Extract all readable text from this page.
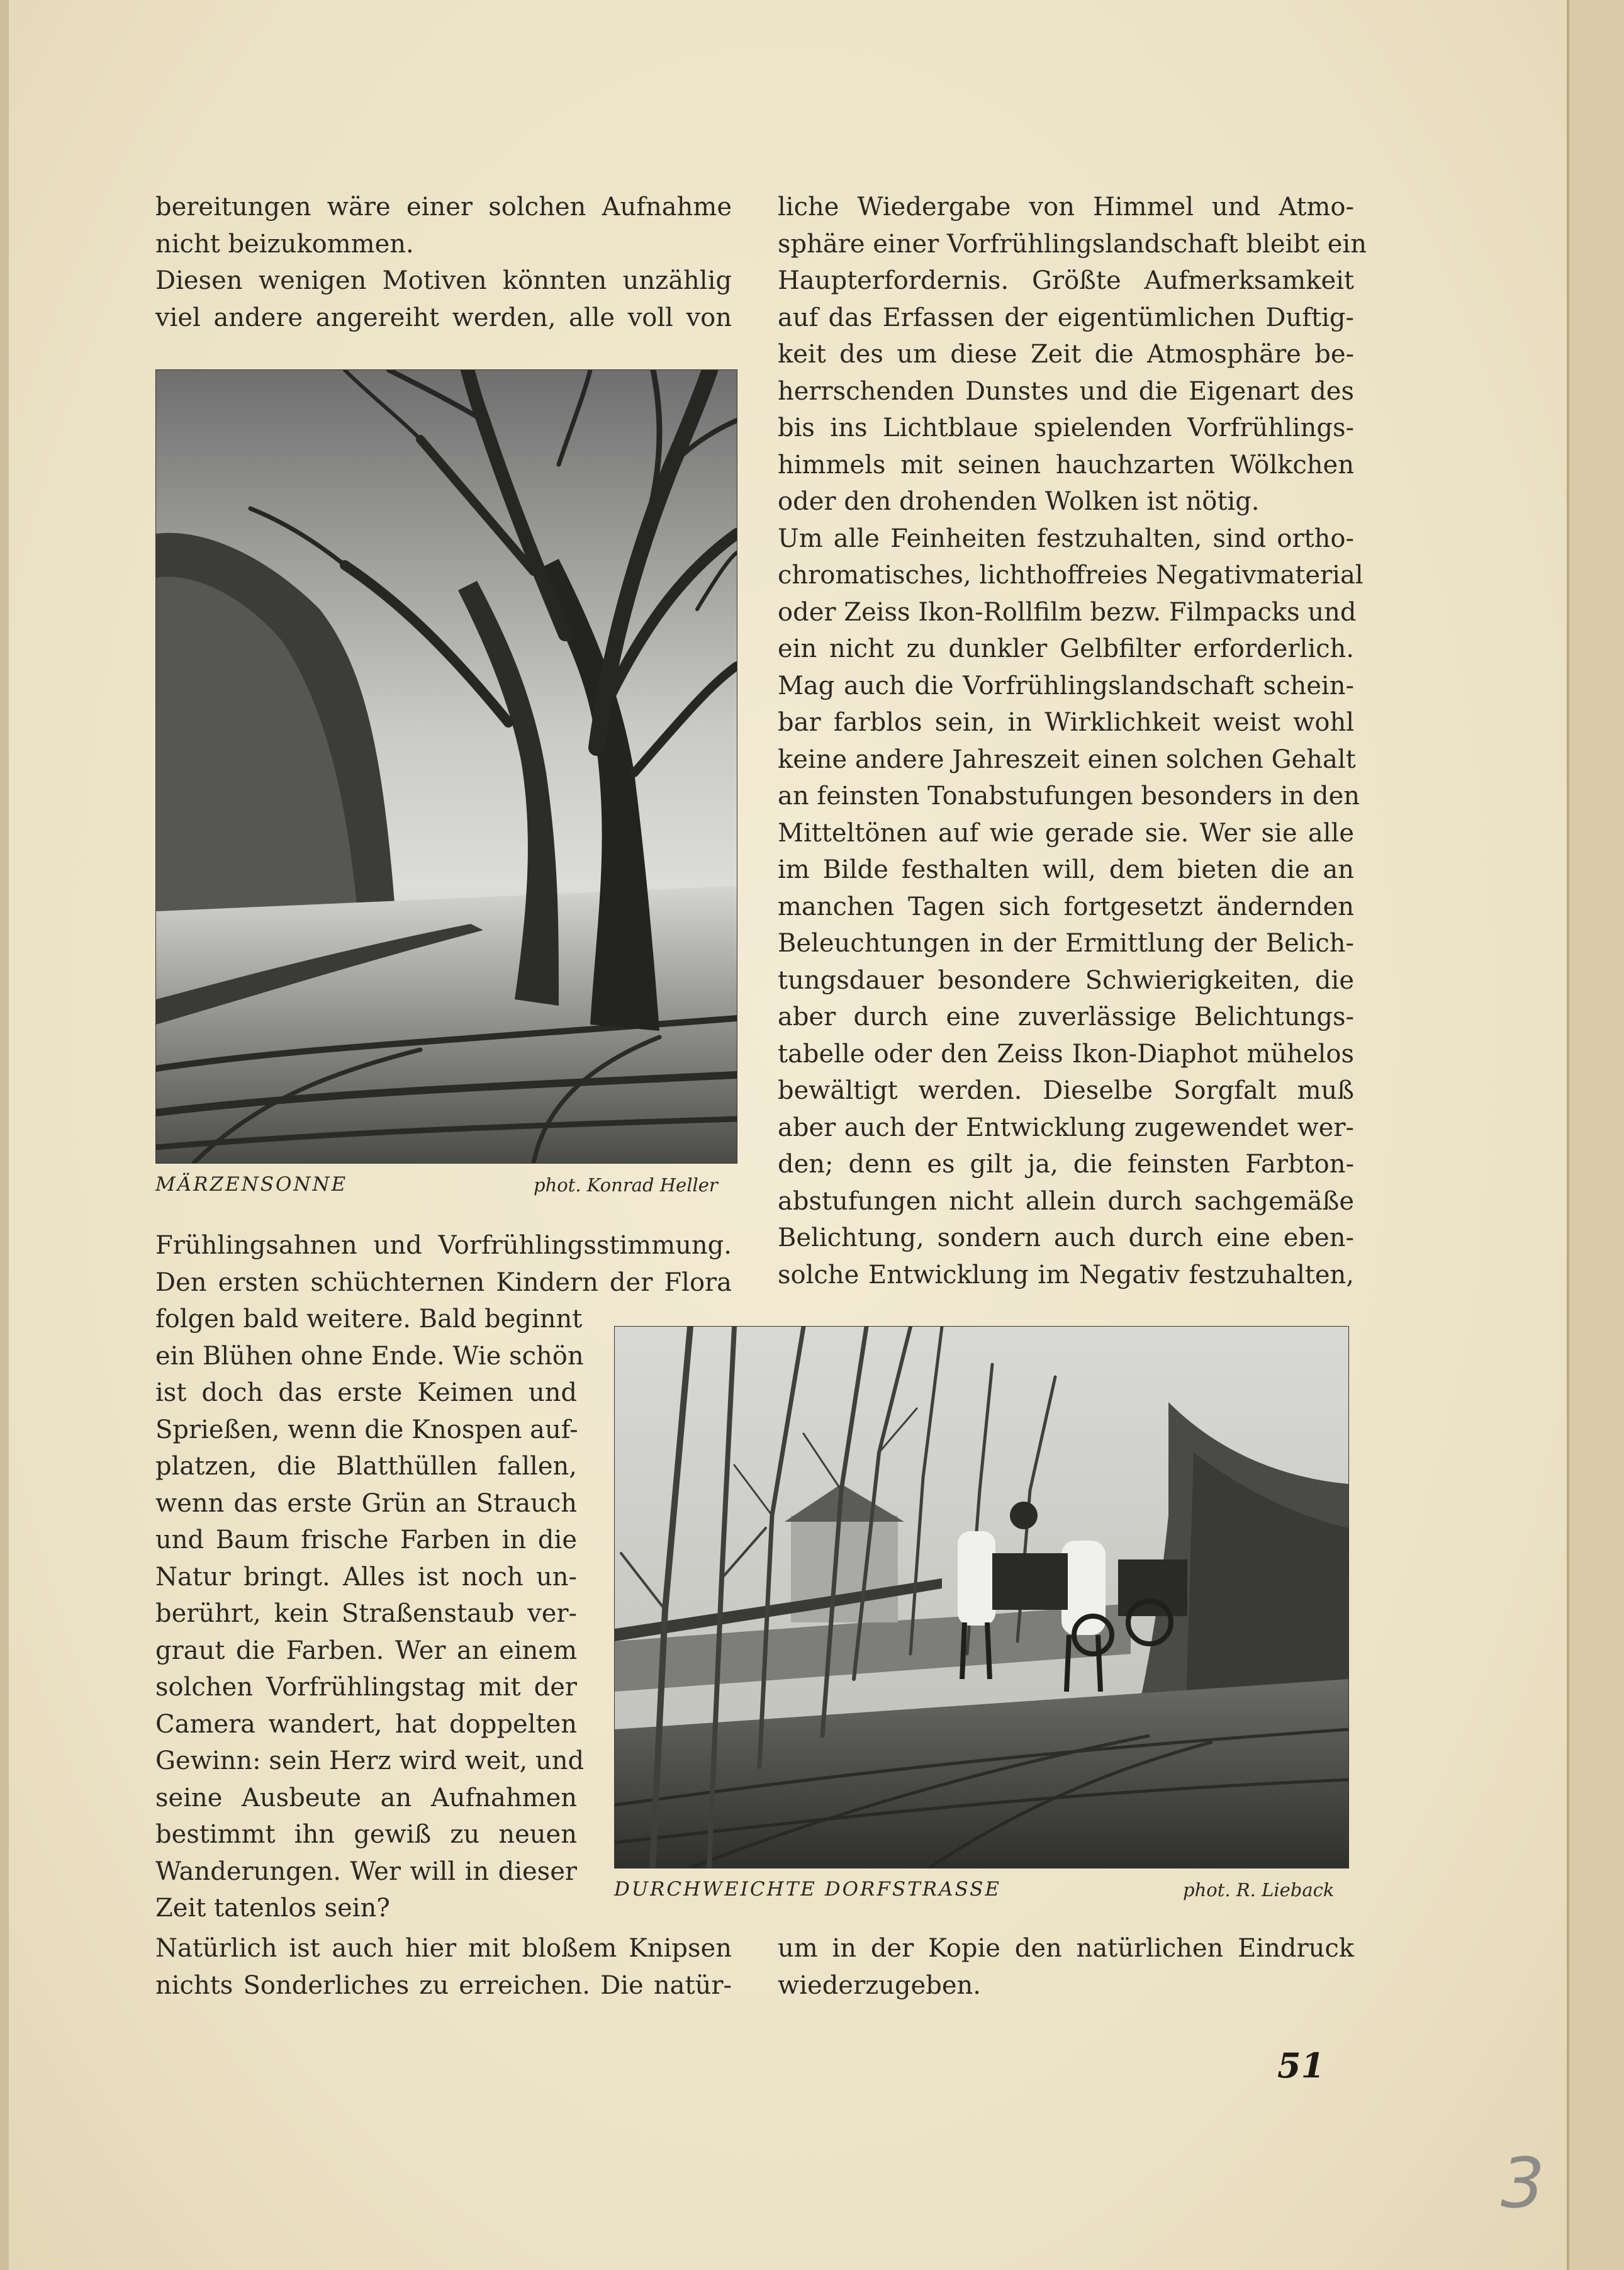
bereitungen wäre einer solchen Aufnahme
nicht beizukommen.
Diesen wenigen Motiven könnten unzählig
viel andere angereiht werden, alle voll von
MÄRZENSONNE	phot. Konrad Heller
Frühlingsahnen und Vorfrühlingsstimmung.
Den ersten schüchternen Kindern der Flora
folgen bald weitere. Bald beginnt
ein Blühen ohne Ende. Wie schön
ist doch das erste Keimen und
Sprießen, wenn die Knospen auf-
platzen, die Blatthüllen fallen,
wenn das erste Grün an Strauch
und Baum frische Farben in die
Natur bringt. Alles ist noch un-
berührt, kein Straßenstaub ver-
graut die Farben. Wer an einem
solchen Vorfrühlingstag mit der
Camera wandert, hat doppelten
Gewinn: sein Herz wird weit, und
seine Ausbeute an Aufnahmen
bestimmt ihn gewiß zu neuen
Wanderungen. Wer will in dieser
Zeit tatenlos sein?
Natürlich ist auch hier mit bloßem Knipsen
nichts Sonderliches zu erreichen. Die natür-
liche Wiedergabe von Himmel und Atmo-
sphäre einer Vorfrühlingslandschaft bleibt ein
Haupterfordernis. Größte Aufmerksamkeit
auf das Erfassen der eigentümlichen Duftig-
keit des um diese Zeit die Atmosphäre be-
herrschenden Dunstes und die Eigenart des
bis ins Lichtblaue spielenden Vorfrühlings-
himmels mit seinen hauchzarten Wölkchen
oder den drohenden Wolken ist nötig.
Um alle Feinheiten festzuhalten, sind ortho-
chromatisches, lichthoffreies Negativmaterial
oder Zeiss Ikon-Rollfilm bezw. Filmpacks und
ein nicht zu dunkler Gelbfilter erforderlich.
Mag auch die Vorfrühlingslandschaft schein-
bar farblos sein, in Wirklichkeit weist wohl
keine andere Jahreszeit einen solchen Gehalt
an feinsten Tonabstufungen besonders in den
Mitteltönen auf wie gerade sie. Wer sie alle
im Bilde festhalten will, dem bieten die an
manchen Tagen sich fortgesetzt ändernden
Beleuchtungen in der Ermittlung der Belich-
tungsdauer besondere Schwierigkeiten, die
aber durch eine zuverlässige Belichtungs-
tabelle oder den Zeiss Ikon-Diaphot mühelos
bewältigt werden. Dieselbe Sorgfalt muß
aber auch der Entwicklung zugewendet wer-
den; denn es gilt ja, die feinsten Farbton-
abstufungen nicht allein durch sachgemäße
Belichtung, sondern auch durch eine eben-
solche Entwicklung im Negativ festzuhalten,
DURCHWEICHTE DORFSTRASSE	phot. R. Lieback
um in der Kopie den natürlichen Eindruck
wiederzugeben.
51
3
